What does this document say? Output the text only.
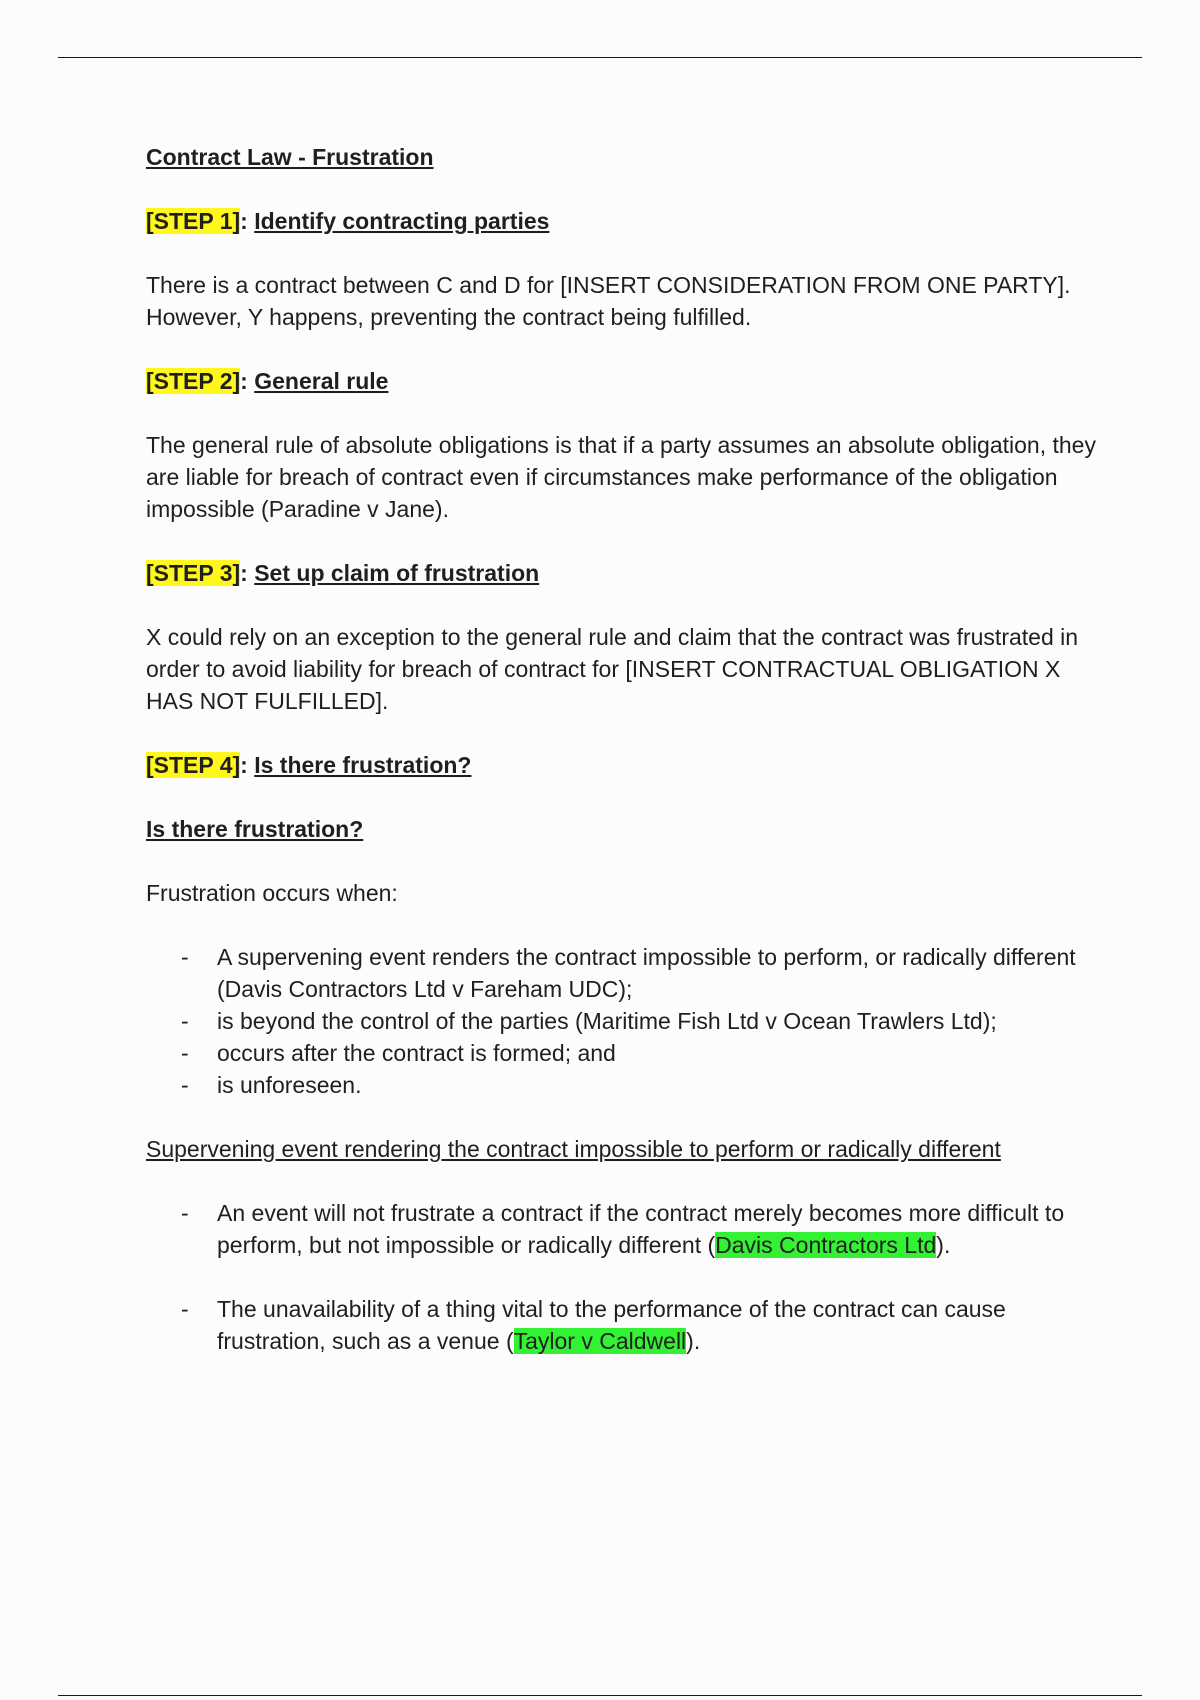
Contract Law - Frustration
[STEP 1]: Identify contracting parties

There is a contract between C and D for [INSERT CONSIDERATION FROM ONE PARTY]. However, Y happens, preventing the contract being fulfilled.

[STEP 2]: General rule

The general rule of absolute obligations is that if a party assumes an absolute obligation, they are liable for breach of contract even if circumstances make performance of the obligation impossible (Paradine v Jane).

[STEP 3]: Set up claim of frustration

X could rely on an exception to the general rule and claim that the contract was frustrated in order to avoid liability for breach of contract for [INSERT CONTRACTUAL OBLIGATION X HAS NOT FULFILLED].

[STEP 4]: Is there frustration?
Is there frustration?

Frustration occurs when:

- A supervening event renders the contract impossible to perform, or radically different (Davis Contractors Ltd v Fareham UDC);
- is beyond the control of the parties (Maritime Fish Ltd v Ocean Trawlers Ltd);
- occurs after the contract is formed; and
- is unforeseen.
Supervening event rendering the contract impossible to perform or radically different
- An event will not frustrate a contract if the contract merely becomes more difficult to perform, but not impossible or radically different (Davis Contractors Ltd).
- The unavailability of a thing vital to the performance of the contract can cause frustration, such as a venue (Taylor v Caldwell).
